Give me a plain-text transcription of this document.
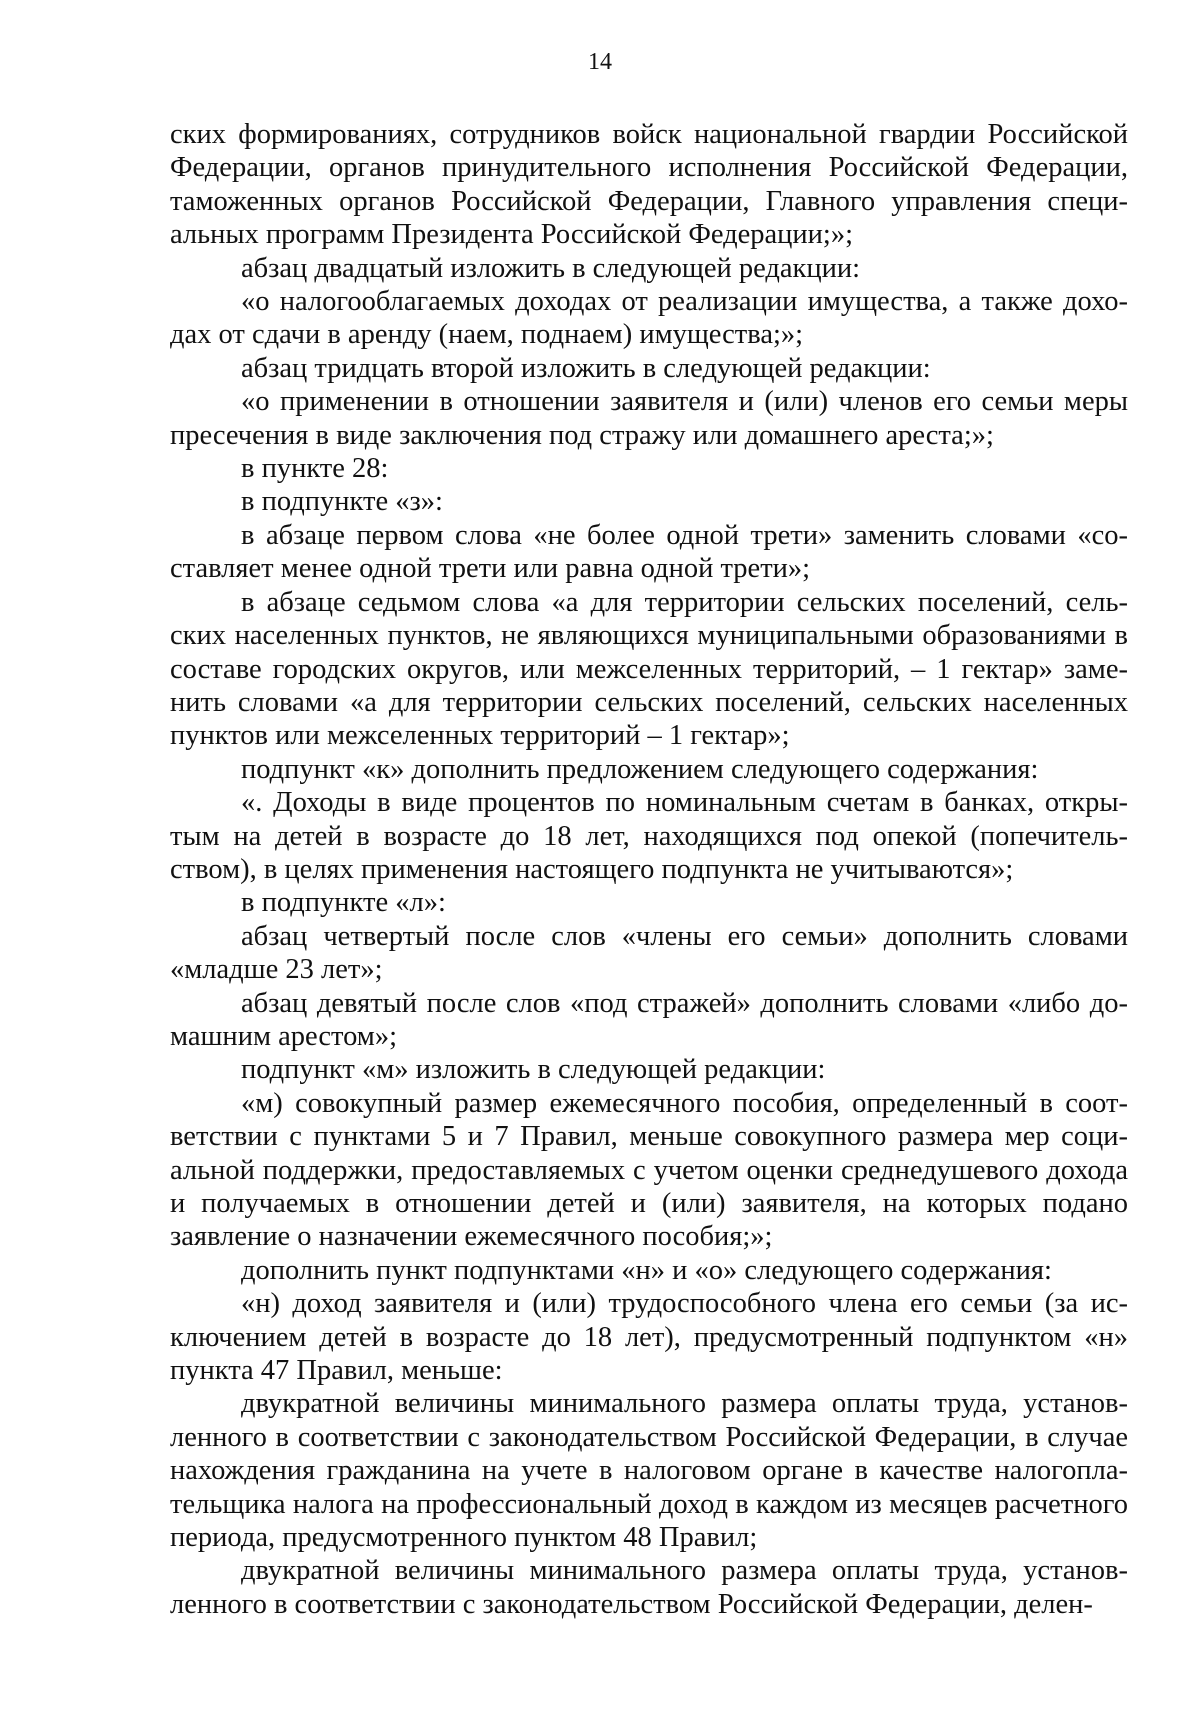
14

ских формированиях, сотрудников войск национальной гвардии Российской Федерации, органов принудительного исполнения Российской Федерации, таможенных органов Российской Федерации, Главного управления специальных программ Президента Российской Федерации;»;

абзац двадцатый изложить в следующей редакции:

«о налогооблагаемых доходах от реализации имущества, а также доходах от сдачи в аренду (наем, поднаем) имущества;»;

абзац тридцать второй изложить в следующей редакции:

«о применении в отношении заявителя и (или) членов его семьи меры пресечения в виде заключения под стражу или домашнего ареста;»;

в пункте 28:

в подпункте «з»:

в абзаце первом слова «не более одной трети» заменить словами «составляет менее одной трети или равна одной трети»;

в абзаце седьмом слова «а для территории сельских поселений, сельских населенных пунктов, не являющихся муниципальными образованиями в составе городских округов, или межселенных территорий, – 1 гектар» заменить словами «а для территории сельских поселений, сельских населенных пунктов или межселенных территорий – 1 гектар»;

подпункт «к» дополнить предложением следующего содержания:

«. Доходы в виде процентов по номинальным счетам в банках, открытым на детей в возрасте до 18 лет, находящихся под опекой (попечительством), в целях применения настоящего подпункта не учитываются»;

в подпункте «л»:

абзац четвертый после слов «члены его семьи» дополнить словами «младше 23 лет»;

абзац девятый после слов «под стражей» дополнить словами «либо домашним арестом»;

подпункт «м» изложить в следующей редакции:

«м) совокупный размер ежемесячного пособия, определенный в соответствии с пунктами 5 и 7 Правил, меньше совокупного размера мер социальной поддержки, предоставляемых с учетом оценки среднедушевого дохода и получаемых в отношении детей и (или) заявителя, на которых подано заявление о назначении ежемесячного пособия;»;

дополнить пункт подпунктами «н» и «о» следующего содержания:

«н) доход заявителя и (или) трудоспособного члена его семьи (за исключением детей в возрасте до 18 лет), предусмотренный подпунктом «н» пункта 47 Правил, меньше:

двукратной величины минимального размера оплаты труда, установленного в соответствии с законодательством Российской Федерации, в случае нахождения гражданина на учете в налоговом органе в качестве налогоплательщика налога на профессиональный доход в каждом из месяцев расчетного периода, предусмотренного пунктом 48 Правил;

двукратной величины минимального размера оплаты труда, установленного в соответствии с законодательством Российской Федерации, делен-
